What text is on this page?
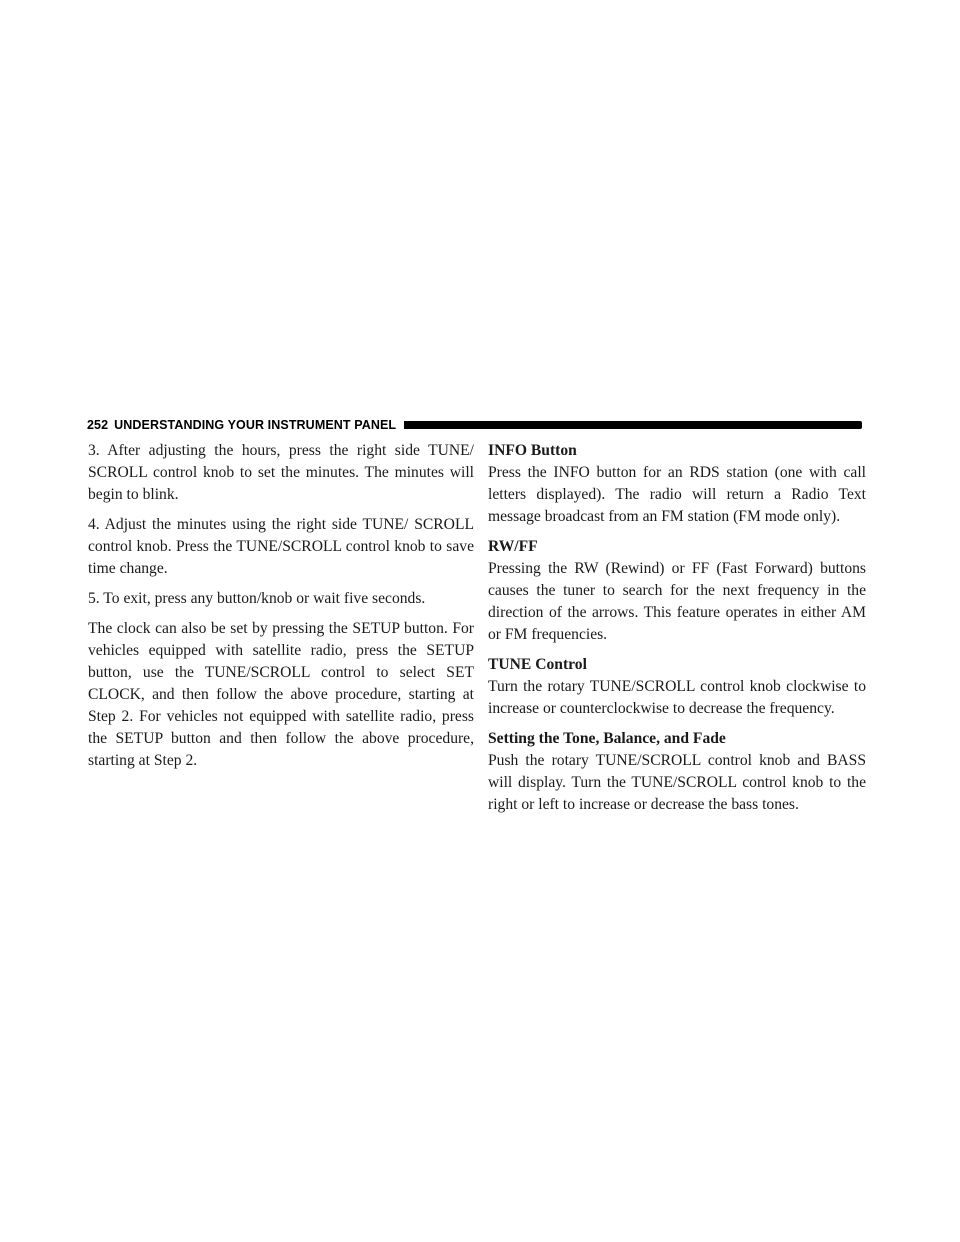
252 UNDERSTANDING YOUR INSTRUMENT PANEL

3. After adjusting the hours, press the right side TUNE/ SCROLL control knob to set the minutes. The minutes will begin to blink.

4. Adjust the minutes using the right side TUNE/ SCROLL control knob. Press the TUNE/SCROLL control knob to save time change.

5. To exit, press any button/knob or wait five seconds.

The clock can also be set by pressing the SETUP button. For vehicles equipped with satellite radio, press the SETUP button, use the TUNE/SCROLL control to select SET CLOCK, and then follow the above procedure, starting at Step 2. For vehicles not equipped with satellite radio, press the SETUP button and then follow the above procedure, starting at Step 2.

INFO Button

Press the INFO button for an RDS station (one with call letters displayed). The radio will return a Radio Text message broadcast from an FM station (FM mode only).

RW/FF

Pressing the RW (Rewind) or FF (Fast Forward) buttons causes the tuner to search for the next frequency in the direction of the arrows. This feature operates in either AM or FM frequencies.

TUNE Control

Turn the rotary TUNE/SCROLL control knob clockwise to increase or counterclockwise to decrease the frequency.

Setting the Tone, Balance, and Fade

Push the rotary TUNE/SCROLL control knob and BASS will display. Turn the TUNE/SCROLL control knob to the right or left to increase or decrease the bass tones.
